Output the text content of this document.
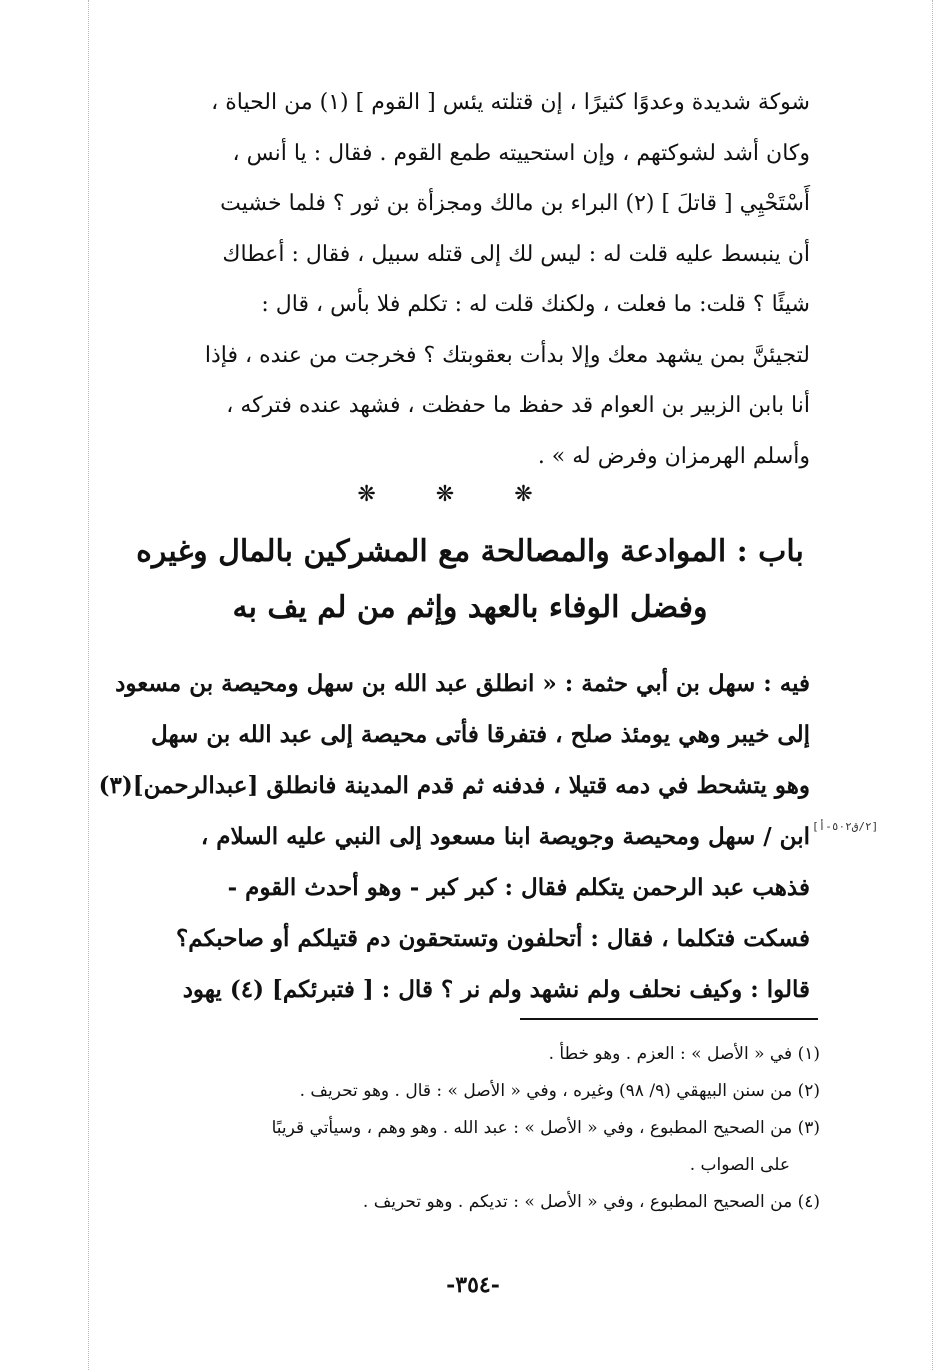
شوكة شديدة وعدوًا كثيرًا ، إن قتلته يئس [ القوم ] (١) من الحياة ،
وكان أشد لشوكتهم ، وإن استحييته طمع القوم . فقال : يا أنس ،
أَسْتَحْيِي [ قاتلَ ] (٢) البراء بن مالك ومجزأة بن ثور ؟ فلما خشيت
أن ينبسط عليه قلت له : ليس لك إلى قتله سبيل ، فقال : أعطاك
شيئًا ؟ قلت: ما فعلت ، ولكنك قلت له : تكلم فلا بأس ، قال :
لتجيئنَّ بمن يشهد معك وإلا بدأت بعقوبتك ؟ فخرجت من عنده ، فإذا
أنا بابن الزبير بن العوام قد حفظ ما حفظت ، فشهد عنده فتركه ،
وأسلم الهرمزان وفرض له » .
❋❋❋
باب : الموادعة والمصالحة مع المشركين بالمال وغيره
وفضل الوفاء بالعهد وإثم من لم يف به
فيه : سهل بن أبي حثمة : « انطلق عبد الله بن سهل ومحيصة بن مسعود
إلى خيبر وهي يومئذ صلح ، فتفرقا فأتى محيصة إلى عبد الله بن سهل
وهو يتشحط في دمه قتيلا ، فدفنه ثم قدم المدينة فانطلق [عبدالرحمن](٣)
ابن / سهل ومحيصة وجويصة ابنا مسعود إلى النبي عليه السلام ،
فذهب عبد الرحمن يتكلم فقال : كبر كبر - وهو أحدث القوم -
فسكت فتكلما ، فقال : أتحلفون وتستحقون دم قتيلكم أو صاحبكم؟
قالوا : وكيف نحلف ولم نشهد ولم نر ؟ قال : [ فتبرئكم] (٤) يهود
[٢/ق٥٠٢-أ]
(١) في « الأصل » : العزم . وهو خطأ .
(٢) من سنن البيهقي (٩/ ٩٨) وغيره ، وفي « الأصل » : قال . وهو تحريف .
(٣) من الصحيح المطبوع ، وفي « الأصل » : عبد الله . وهو وهم ، وسيأتي قريبًا
على الصواب .
(٤) من الصحيح المطبوع ، وفي « الأصل » : تديكم . وهو تحريف .
-٣٥٤-
